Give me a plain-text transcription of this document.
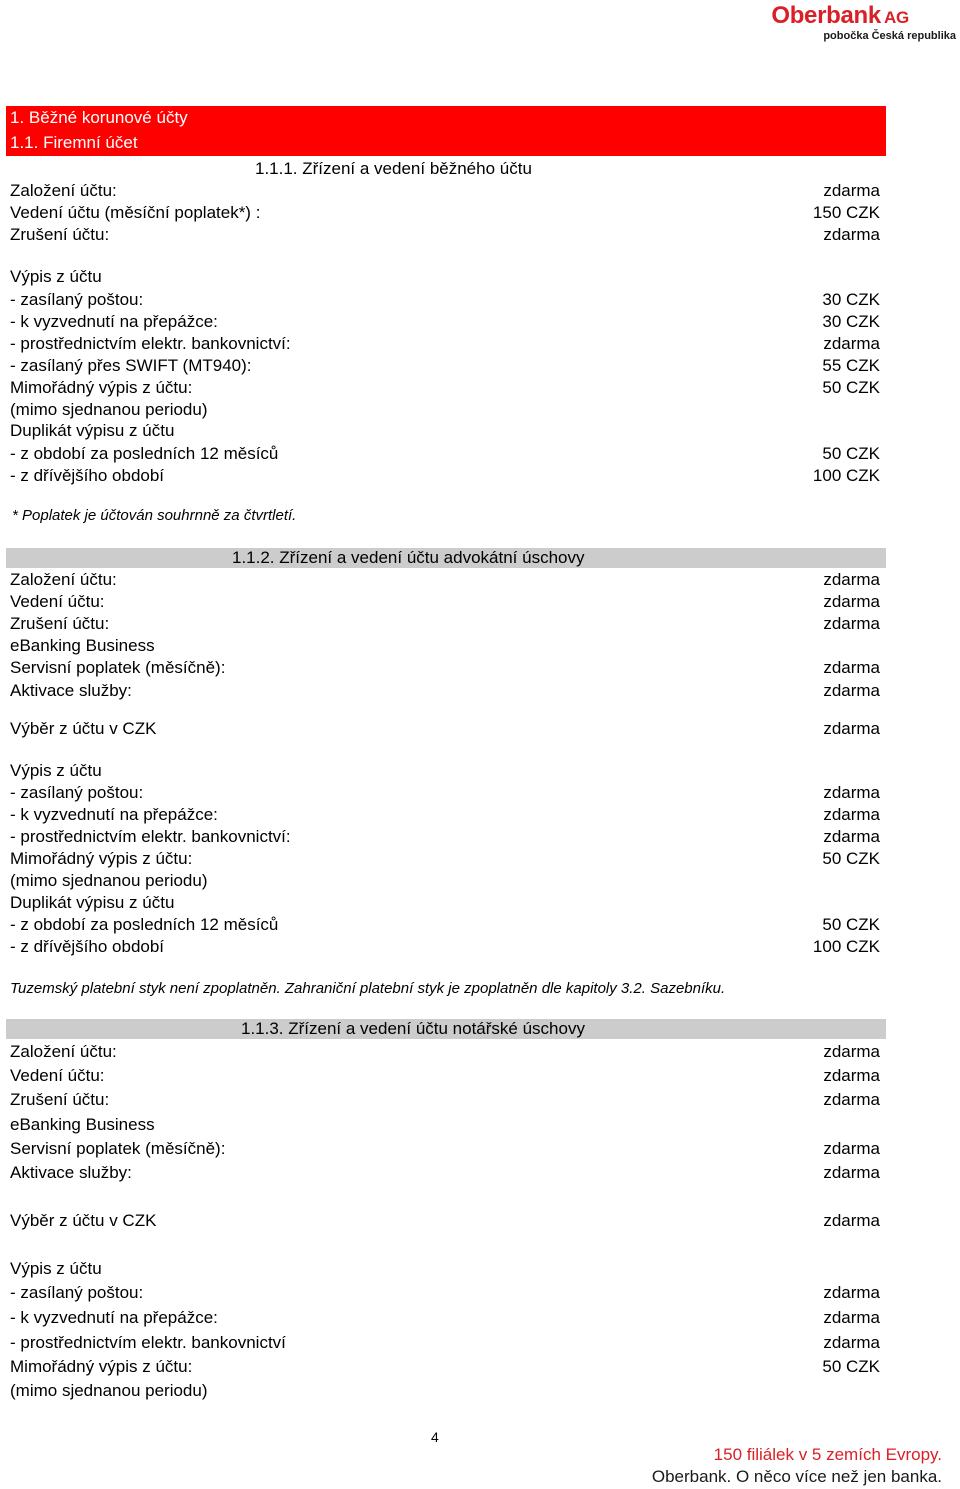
Oberbank AG
pobočka Česká republika
1. Běžné korunové účty
1.1. Firemní účet
1.1.1. Zřízení a vedení běžného účtu
Založení účtu:	zdarma
Vedení účtu (měsíční poplatek*) :	150 CZK
Zrušení účtu:	zdarma
Výpis z účtu
- zasílaný poštou:	30 CZK
- k vyzvednutí na přepážce:	30 CZK
- prostřednictvím elektr. bankovnictví:	zdarma
- zasílaný přes SWIFT (MT940):	55 CZK
Mimořádný výpis z účtu:	50 CZK
(mimo sjednanou periodu)
Duplikát výpisu z účtu
- z období za posledních 12 měsíců	50 CZK
- z dřívějšího období	100 CZK
* Poplatek je účtován souhrnně za čtvrtletí.
1.1.2. Zřízení a vedení účtu advokátní úschovy
Založení účtu:	zdarma
Vedení účtu:	zdarma
Zrušení účtu:	zdarma
eBanking Business
Servisní poplatek (měsíčně):	zdarma
Aktivace služby:	zdarma
Výběr z účtu v CZK	zdarma
Výpis z účtu
- zasílaný poštou:	zdarma
- k vyzvednutí na přepážce:	zdarma
- prostřednictvím elektr. bankovnictví:	zdarma
Mimořádný výpis z účtu:	50 CZK
(mimo sjednanou periodu)
Duplikát výpisu z účtu
- z období za posledních 12 měsíců	50 CZK
- z dřívějšího období	100 CZK
Tuzemský platební styk není zpoplatněn. Zahraniční platební styk je zpoplatněn dle kapitoly 3.2. Sazebníku.
1.1.3. Zřízení a vedení účtu notářské úschovy
Založení účtu:	zdarma
Vedení účtu:	zdarma
Zrušení účtu:	zdarma
eBanking Business
Servisní poplatek (měsíčně):	zdarma
Aktivace služby:	zdarma
Výběr z účtu v CZK	zdarma
Výpis z účtu
- zasílaný poštou:	zdarma
- k vyzvednutí na přepážce:	zdarma
- prostřednictvím elektr. bankovnictví	zdarma
Mimořádný výpis z účtu:	50 CZK
(mimo sjednanou periodu)
4
150 filiálek v 5 zemích Evropy.
Oberbank. O něco více než jen banka.
